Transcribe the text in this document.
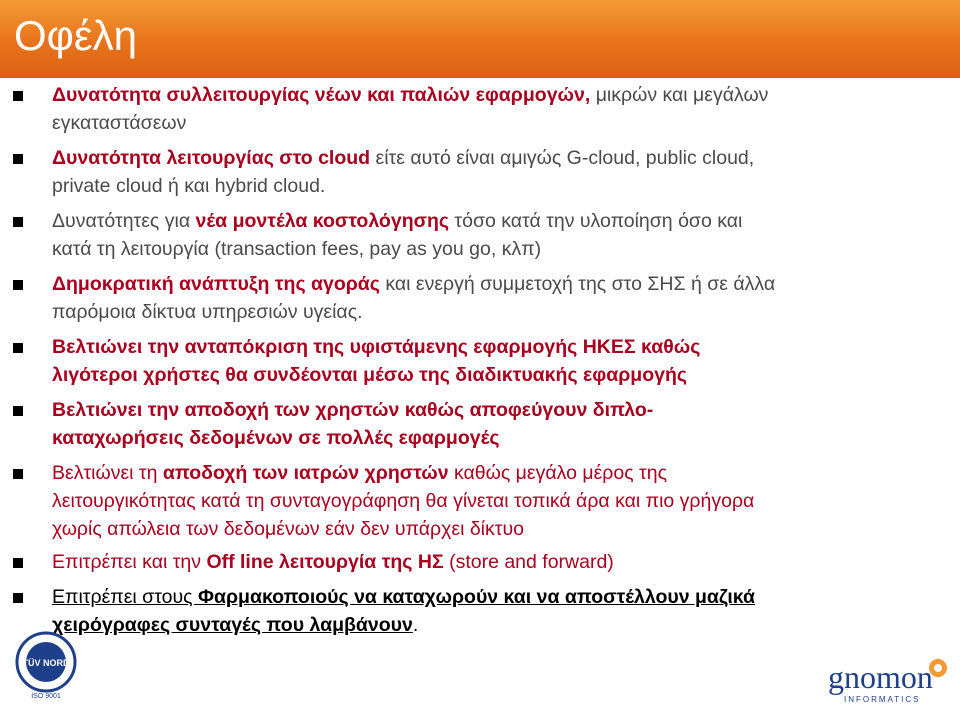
Οφέλη
Δυνατότητα συλλειτουργίας νέων και παλιών εφαρμογών, μικρών και μεγάλων
εγκαταστάσεων
Δυνατότητα λειτουργίας στο cloud είτε αυτό είναι αμιγώς G-cloud, public cloud,
private cloud ή και hybrid cloud.
Δυνατότητες για νέα μοντέλα κοστολόγησης τόσο κατά την υλοποίηση όσο και
κατά τη λειτουργία (transaction fees, pay as you go, κλπ)
Δημοκρατική ανάπτυξη της αγοράς και ενεργή συμμετοχή της στο ΣΗΣ ή σε άλλα
παρόμοια δίκτυα υπηρεσιών υγείας.
Βελτιώνει την ανταπόκριση της υφιστάμενης εφαρμογής ΗΚΕΣ καθώς
λιγότεροι χρήστες θα συνδέονται μέσω της διαδικτυακής εφαρμογής
Βελτιώνει την αποδοχή των χρηστών καθώς αποφεύγουν διπλο-
καταχωρήσεις δεδομένων σε πολλές εφαρμογές
Βελτιώνει τη αποδοχή των ιατρών χρηστών καθώς μεγάλο μέρος της
λειτουργικότητας κατά τη συνταγογράφηση θα γίνεται τοπικά άρα και πιο γρήγορα
χωρίς απώλεια των δεδομένων εάν δεν υπάρχει δίκτυο
Επιτρέπει και την Off line λειτουργία της ΗΣ (store and forward)
Επιτρέπει στους Φαρμακοποιούς να καταχωρούν και να αποστέλλουν μαζικά
χειρόγραφες συνταγές που λαμβάνουν.
TÜV NORD
ISO 9001
gnomon
INFORMATICS
